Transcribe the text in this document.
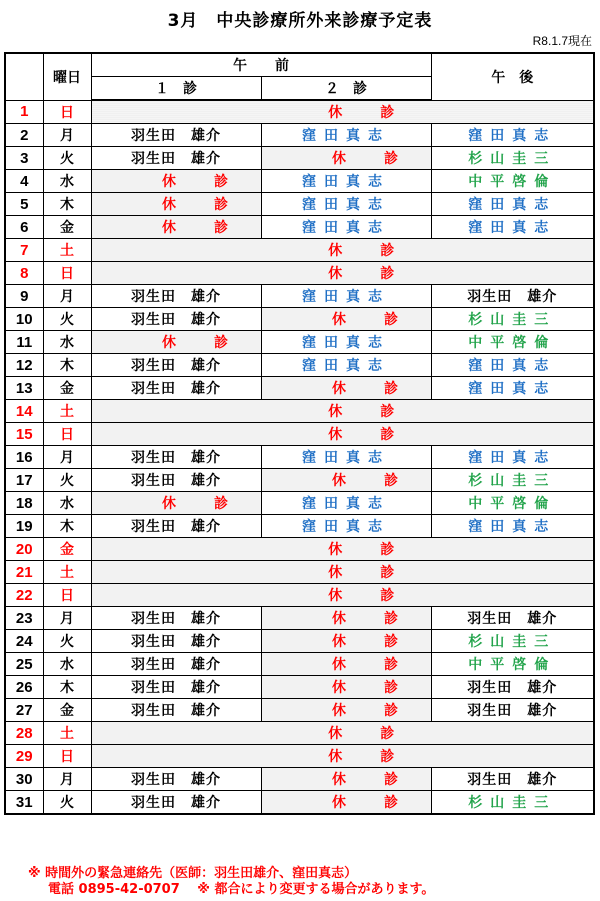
3月　中央診療所外来診療予定表
R8.1.7現在
	曜日	午　　前		午　後
		１　診	２　診	
1	日	休 診		
2	月	羽生田　雄介	窪田真志	窪田真志
3	火	羽生田　雄介	休 診	杉山圭三
4	水	休 診	窪田真志	中平啓倫
5	木	休 診	窪田真志	窪田真志
6	金	休 診	窪田真志	窪田真志
7	土	休 診		
8	日	休 診		
9	月	羽生田　雄介	窪田真志	羽生田　雄介
10	火	羽生田　雄介	休 診	杉山圭三
11	水	休 診	窪田真志	中平啓倫
12	木	羽生田　雄介	窪田真志	窪田真志
13	金	羽生田　雄介	休 診	窪田真志
14	土	休 診		
15	日	休 診		
16	月	羽生田　雄介	窪田真志	窪田真志
17	火	羽生田　雄介	休 診	杉山圭三
18	水	休 診	窪田真志	中平啓倫
19	木	羽生田　雄介	窪田真志	窪田真志
20	金	休 診		
21	土	休 診		
22	日	休 診		
23	月	羽生田　雄介	休 診	羽生田　雄介
24	火	羽生田　雄介	休 診	杉山圭三
25	水	羽生田　雄介	休 診	中平啓倫
26	木	羽生田　雄介	休 診	羽生田　雄介
27	金	羽生田　雄介	休 診	羽生田　雄介
28	土	休 診		
29	日	休 診		
30	月	羽生田　雄介	休 診	羽生田　雄介
31	火	羽生田　雄介	休 診	杉山圭三
※ 時間外の緊急連絡先（医師：羽生田雄介、窪田真志）
電話 0895-42-0707　 ※ 都合により変更する場合があります。
